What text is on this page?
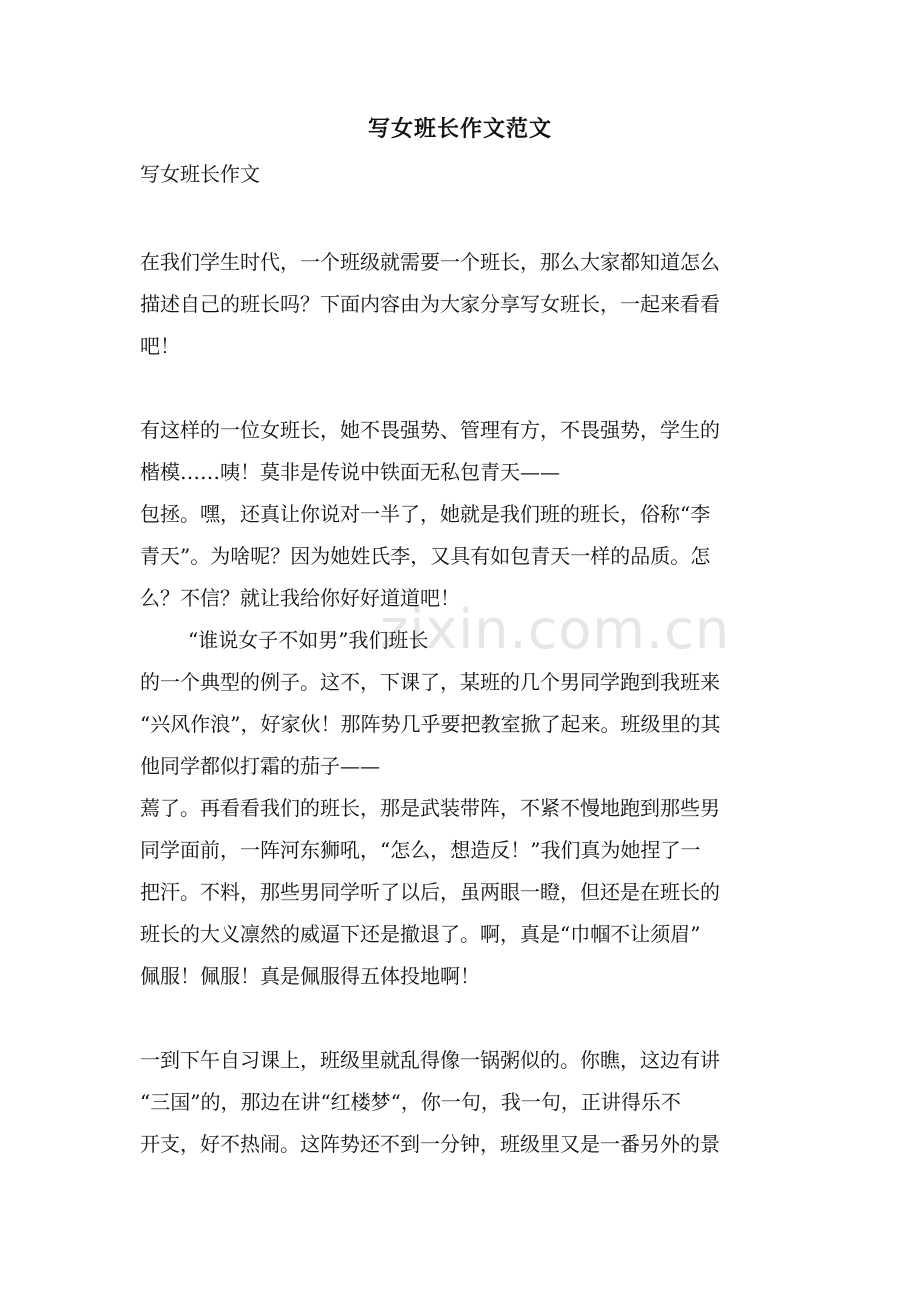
zixin.com.cn
写女班长作文范文
写女班长作文
在我们学生时代，一个班级就需要一个班长，那么大家都知道怎么
描述自己的班长吗？下面内容由为大家分享写女班长，一起来看看
吧！
有这样的一位女班长，她不畏强势、管理有方，不畏强势，学生的
楷模……咦！莫非是传说中铁面无私包青天——
包拯。嘿，还真让你说对一半了，她就是我们班的班长，俗称“李
青天”。为啥呢？因为她姓氏李，又具有如包青天一样的品质。怎
么？不信？就让我给你好好道道吧！
“谁说女子不如男”我们班长
的一个典型的例子。这不，下课了，某班的几个男同学跑到我班来
“兴风作浪”，好家伙！那阵势几乎要把教室掀了起来。班级里的其
他同学都似打霜的茄子——
蔫了。再看看我们的班长，那是武装带阵，不紧不慢地跑到那些男
同学面前，一阵河东狮吼，“怎么，想造反！”我们真为她捏了一
把汗。不料，那些男同学听了以后，虽两眼一瞪，但还是在班长的
班长的大义凛然的威逼下还是撤退了。啊，真是“巾帼不让须眉”
佩服！佩服！真是佩服得五体投地啊！
一到下午自习课上，班级里就乱得像一锅粥似的。你瞧，这边有讲
“三国”的，那边在讲“红楼梦“，你一句，我一句，正讲得乐不
开支，好不热闹。这阵势还不到一分钟，班级里又是一番另外的景
